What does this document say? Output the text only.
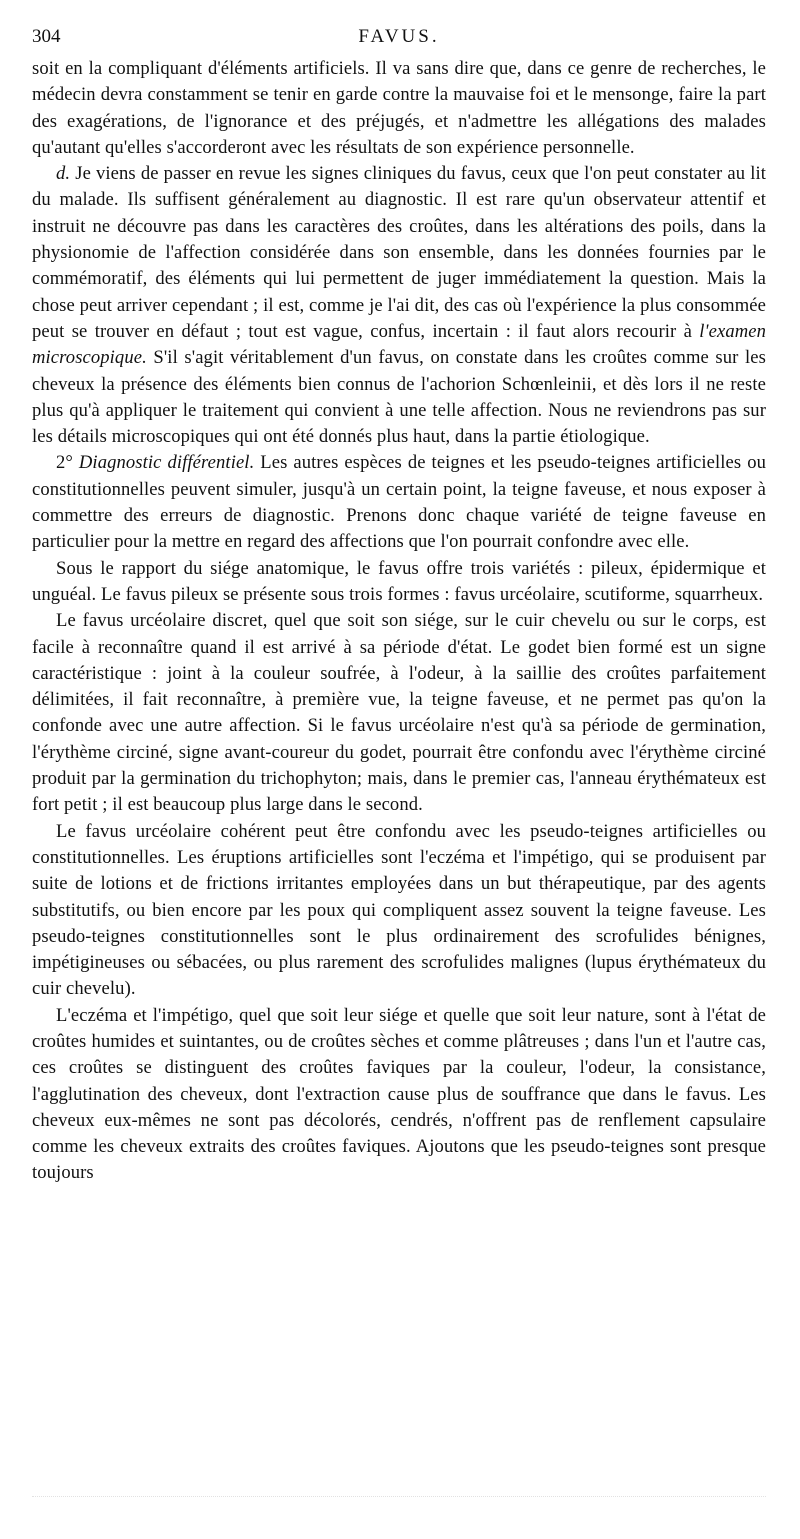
304	FAVUS.

soit en la compliquant d'éléments artificiels. Il va sans dire que, dans ce genre de recherches, le médecin devra constamment se tenir en garde contre la mauvaise foi et le mensonge, faire la part des exagérations, de l'ignorance et des préjugés, et n'admettre les allégations des malades qu'autant qu'elles s'accorderont avec les résultats de son expérience personnelle.

d. Je viens de passer en revue les signes cliniques du favus, ceux que l'on peut constater au lit du malade. Ils suffisent généralement au diagnostic. Il est rare qu'un observateur attentif et instruit ne découvre pas dans les caractères des croûtes, dans les altérations des poils, dans la physionomie de l'affection considérée dans son ensemble, dans les données fournies par le commémoratif, des éléments qui lui permettent de juger immédiatement la question. Mais la chose peut arriver cependant ; il est, comme je l'ai dit, des cas où l'expérience la plus consommée peut se trouver en défaut ; tout est vague, confus, incertain : il faut alors recourir à l'examen microscopique. S'il s'agit véritablement d'un favus, on constate dans les croûtes comme sur les cheveux la présence des éléments bien connus de l'achorion Schœnleinii, et dès lors il ne reste plus qu'à appliquer le traitement qui convient à une telle affection. Nous ne reviendrons pas sur les détails microscopiques qui ont été donnés plus haut, dans la partie étiologique.

2° Diagnostic différentiel. Les autres espèces de teignes et les pseudo-teignes artificielles ou constitutionnelles peuvent simuler, jusqu'à un certain point, la teigne faveuse, et nous exposer à commettre des erreurs de diagnostic. Prenons donc chaque variété de teigne faveuse en particulier pour la mettre en regard des affections que l'on pourrait confondre avec elle.

Sous le rapport du siége anatomique, le favus offre trois variétés : pileux, épidermique et unguéal. Le favus pileux se présente sous trois formes : favus urcéolaire, scutiforme, squarrheux.

Le favus urcéolaire discret, quel que soit son siége, sur le cuir chevelu ou sur le corps, est facile à reconnaître quand il est arrivé à sa période d'état. Le godet bien formé est un signe caractéristique : joint à la couleur soufrée, à l'odeur, à la saillie des croûtes parfaitement délimitées, il fait reconnaître, à première vue, la teigne faveuse, et ne permet pas qu'on la confonde avec une autre affection. Si le favus urcéolaire n'est qu'à sa période de germination, l'érythème circiné, signe avant-coureur du godet, pourrait être confondu avec l'érythème circiné produit par la germination du trichophyton; mais, dans le premier cas, l'anneau érythémateux est fort petit ; il est beaucoup plus large dans le second.

Le favus urcéolaire cohérent peut être confondu avec les pseudo-teignes artificielles ou constitutionnelles. Les éruptions artificielles sont l'eczéma et l'impétigo, qui se produisent par suite de lotions et de frictions irritantes employées dans un but thérapeutique, par des agents substitutifs, ou bien encore par les poux qui compliquent assez souvent la teigne faveuse. Les pseudo-teignes constitutionnelles sont le plus ordinairement des scrofulides bénignes, impétigineuses ou sébacées, ou plus rarement des scrofulides malignes (lupus érythémateux du cuir chevelu).

L'eczéma et l'impétigo, quel que soit leur siége et quelle que soit leur nature, sont à l'état de croûtes humides et suintantes, ou de croûtes sèches et comme plâtreuses ; dans l'un et l'autre cas, ces croûtes se distinguent des croûtes faviques par la couleur, l'odeur, la consistance, l'agglutination des cheveux, dont l'extraction cause plus de souffrance que dans le favus. Les cheveux eux-mêmes ne sont pas décolorés, cendrés, n'offrent pas de renflement capsulaire comme les cheveux extraits des croûtes faviques. Ajoutons que les pseudo-teignes sont presque toujours
